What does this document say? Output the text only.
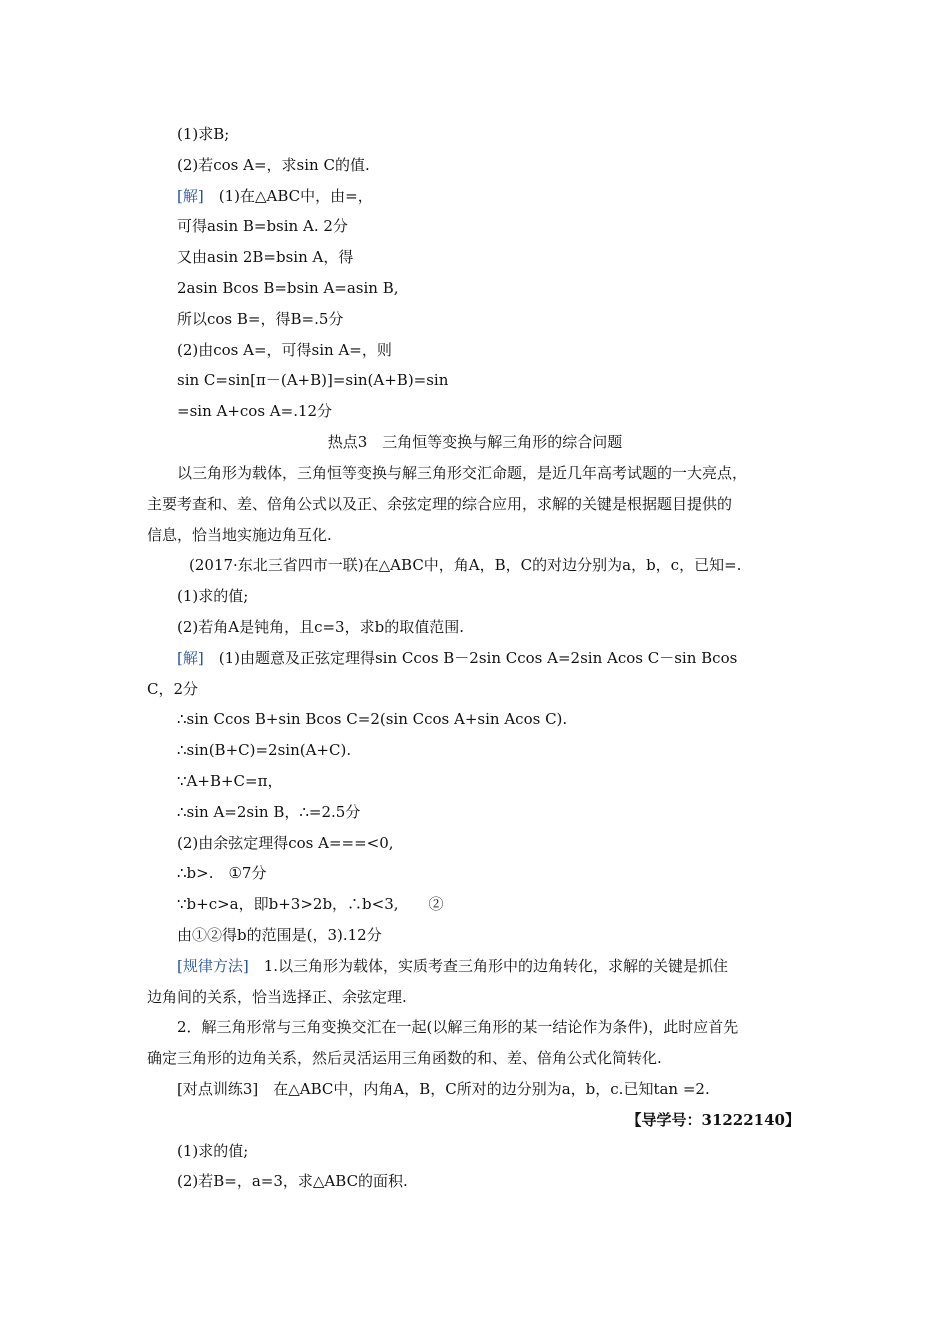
(1)求B;
(2)若cos A=，求sin C的值.
[解]　 (1)在△ABC中，由=，
可得asin B=bsin A. 2分
又由asin 2B=bsin A，得
2asin Bcos B=bsin A=asin B,
所以cos B=，得B=.5分
(2)由cos A=，可得sin A=，则
sin C=sin[π－(A+B)]=sin(A+B)=sin
=sin A+cos A=.12分
热点3　三角恒等变换与解三角形的综合问题
以三角形为载体，三角恒等变换与解三角形交汇命题，是近几年高考试题的一大亮点，
主要考查和、差、倍角公式以及正、余弦定理的综合应用，求解的关键是根据题目提供的
信息，恰当地实施边角互化.
(2017·东北三省四市一联)在△ABC中，角A，B，C的对边分别为a，b，c，已知=.
(1)求的值;
(2)若角A是钝角，且c=3，求b的取值范围.
[解]　 (1)由题意及正弦定理得sin Ccos B－2sin Ccos A=2sin Acos C－sin Bcos
C，2分
∴sin Ccos B+sin Bcos C=2(sin Ccos A+sin Acos C).
∴sin(B+C)=2sin(A+C).
∵A+B+C=π，
∴sin A=2sin B，∴=2.5分
(2)由余弦定理得cos A===<0,
∴b>.　①7分
∵b+c>a，即b+3>2b，∴b<3,　　②
由①②得b的范围是(，3).12分
[规律方法]　 1.以三角形为载体，实质考查三角形中的边角转化，求解的关键是抓住
边角间的关系，恰当选择正、余弦定理.
2．解三角形常与三角变换交汇在一起(以解三角形的某一结论作为条件)，此时应首先
确定三角形的边角关系，然后灵活运用三角函数的和、差、倍角公式化简转化.
[对点训练3]　在△ABC中，内角A，B，C所对的边分别为a，b，c.已知tan =2.
【导学号：31222140】
(1)求的值;
(2)若B=，a=3，求△ABC的面积.
